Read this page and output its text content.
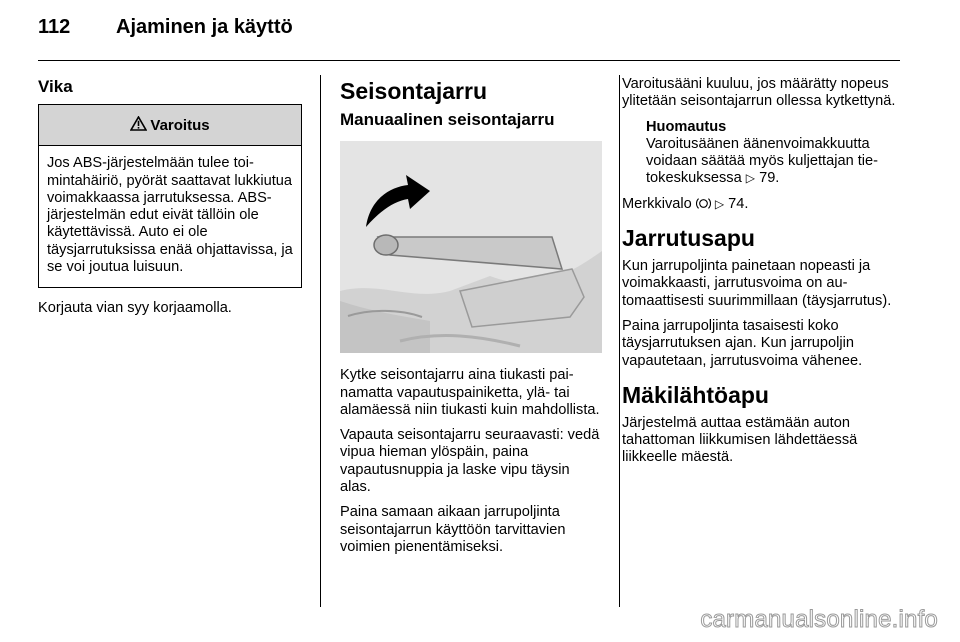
112 Ajaminen ja käyttö
Vika
Varoitus
Jos ABS-järjestelmään tulee toimintahäiriö, pyörät saattavat lukkiutua voimakkaassa jarrutuksessa. ABS-järjestelmän edut eivät tällöin ole käytettävissä. Auto ei ole täysjarrutuksissa enää ohjattavissa, ja se voi joutua luisuun.

Korjauta vian syy korjaamolla.

Seisontajarru
Manuaalinen seisontajarru

Kytke seisontajarru aina tiukasti painamatta vapautuspainiketta, ylä- tai alamäessä niin tiukasti kuin mahdollista.

Vapauta seisontajarru seuraavasti: vedä vipua hieman ylöspäin, paina vapautusnuppia ja laske vipu täysin alas.

Paina samaan aikaan jarrupoljinta seisontajarrun käyttöön tarvittavien voimien pienentämiseksi.

Varoitusääni kuuluu, jos määrätty nopeus ylitetään seisontajarrun ollessa kytkettynä.

Huomautus
Varoitusäänen äänenvoimakkuutta voidaan säätää myös kuljettajan tietokeskuksessa ▷ 79.

Merkkivalo ▷ 74.

Jarrutusapu

Kun jarrupoljinta painetaan nopeasti ja voimakkaasti, jarrutusvoima on automaattisesti suurimmillaan (täysjarrutus).

Paina jarrupoljinta tasaisesti koko täysjarrutuksen ajan. Kun jarrupoljin vapautetaan, jarrutusvoima vähenee.

Mäkilähtöapu

Järjestelmä auttaa estämään auton tahattoman liikkumisen lähdettäessä liikkeelle mäestä.

carmanualsonline.info
